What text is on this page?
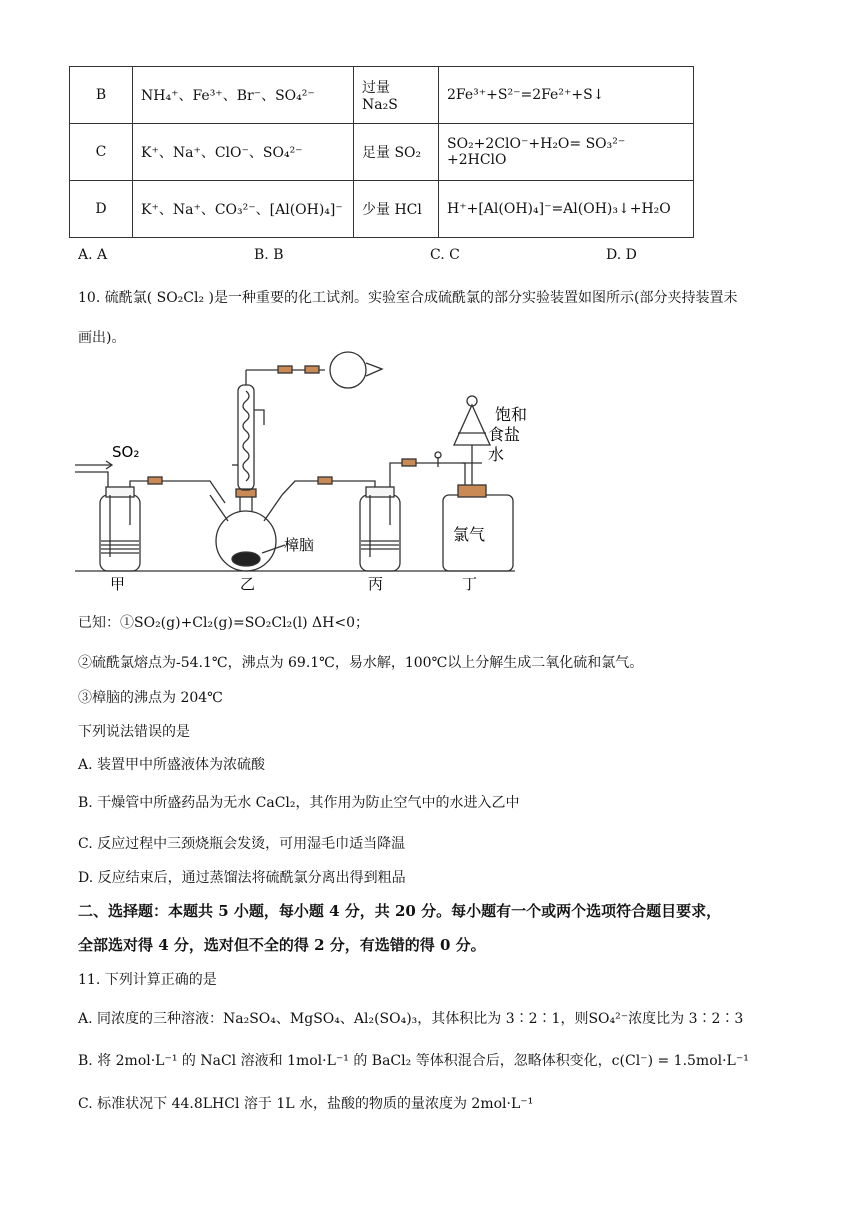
B	NH₄⁺、Fe³⁺、Br⁻、SO₄²⁻	过量 Na₂S	2Fe³⁺+S²⁻=2Fe²⁺+S↓
C	K⁺、Na⁺、ClO⁻、SO₄²⁻	足量 SO₂	SO₂+2ClO⁻+H₂O= SO₃²⁻ +2HClO
D	K⁺、Na⁺、CO₃²⁻、[Al(OH)₄]⁻	少量 HCl	H⁺+[Al(OH)₄]⁻=Al(OH)₃↓+H₂O
A. A	B. B	C. C	D. D
10. 硫酰氯( SO₂Cl₂ )是一种重要的化工试剂。实验室合成硫酰氯的部分实验装置如图所示(部分夹持装置未
画出)。
SO₂
甲	乙	丙	丁
樟脑
饱和
食盐
水
氯气
已知：①SO₂(g)+Cl₂(g)=SO₂Cl₂(l) ΔH<0；
②硫酰氯熔点为-54.1℃，沸点为 69.1℃，易水解，100℃以上分解生成二氧化硫和氯气。
③樟脑的沸点为 204℃
下列说法错误的是
A. 装置甲中所盛液体为浓硫酸
B. 干燥管中所盛药品为无水 CaCl₂，其作用为防止空气中的水进入乙中
C. 反应过程中三颈烧瓶会发烫，可用湿毛巾适当降温
D. 反应结束后，通过蒸馏法将硫酰氯分离出得到粗品
二、选择题：本题共 5 小题，每小题 4 分，共 20 分。每小题有一个或两个选项符合题目要求，
全部选对得 4 分，选对但不全的得 2 分，有选错的得 0 分。
11. 下列计算正确的是
A. 同浓度的三种溶液：Na₂SO₄、MgSO₄、Al₂(SO₄)₃，其体积比为 3∶2∶1，则SO₄²⁻浓度比为 3∶2∶3
B. 将 2mol·L⁻¹ 的 NaCl 溶液和 1mol·L⁻¹ 的 BaCl₂ 等体积混合后，忽略体积变化，c(Cl⁻) = 1.5mol·L⁻¹
C. 标准状况下 44.8LHCl 溶于 1L 水，盐酸的物质的量浓度为 2mol·L⁻¹
